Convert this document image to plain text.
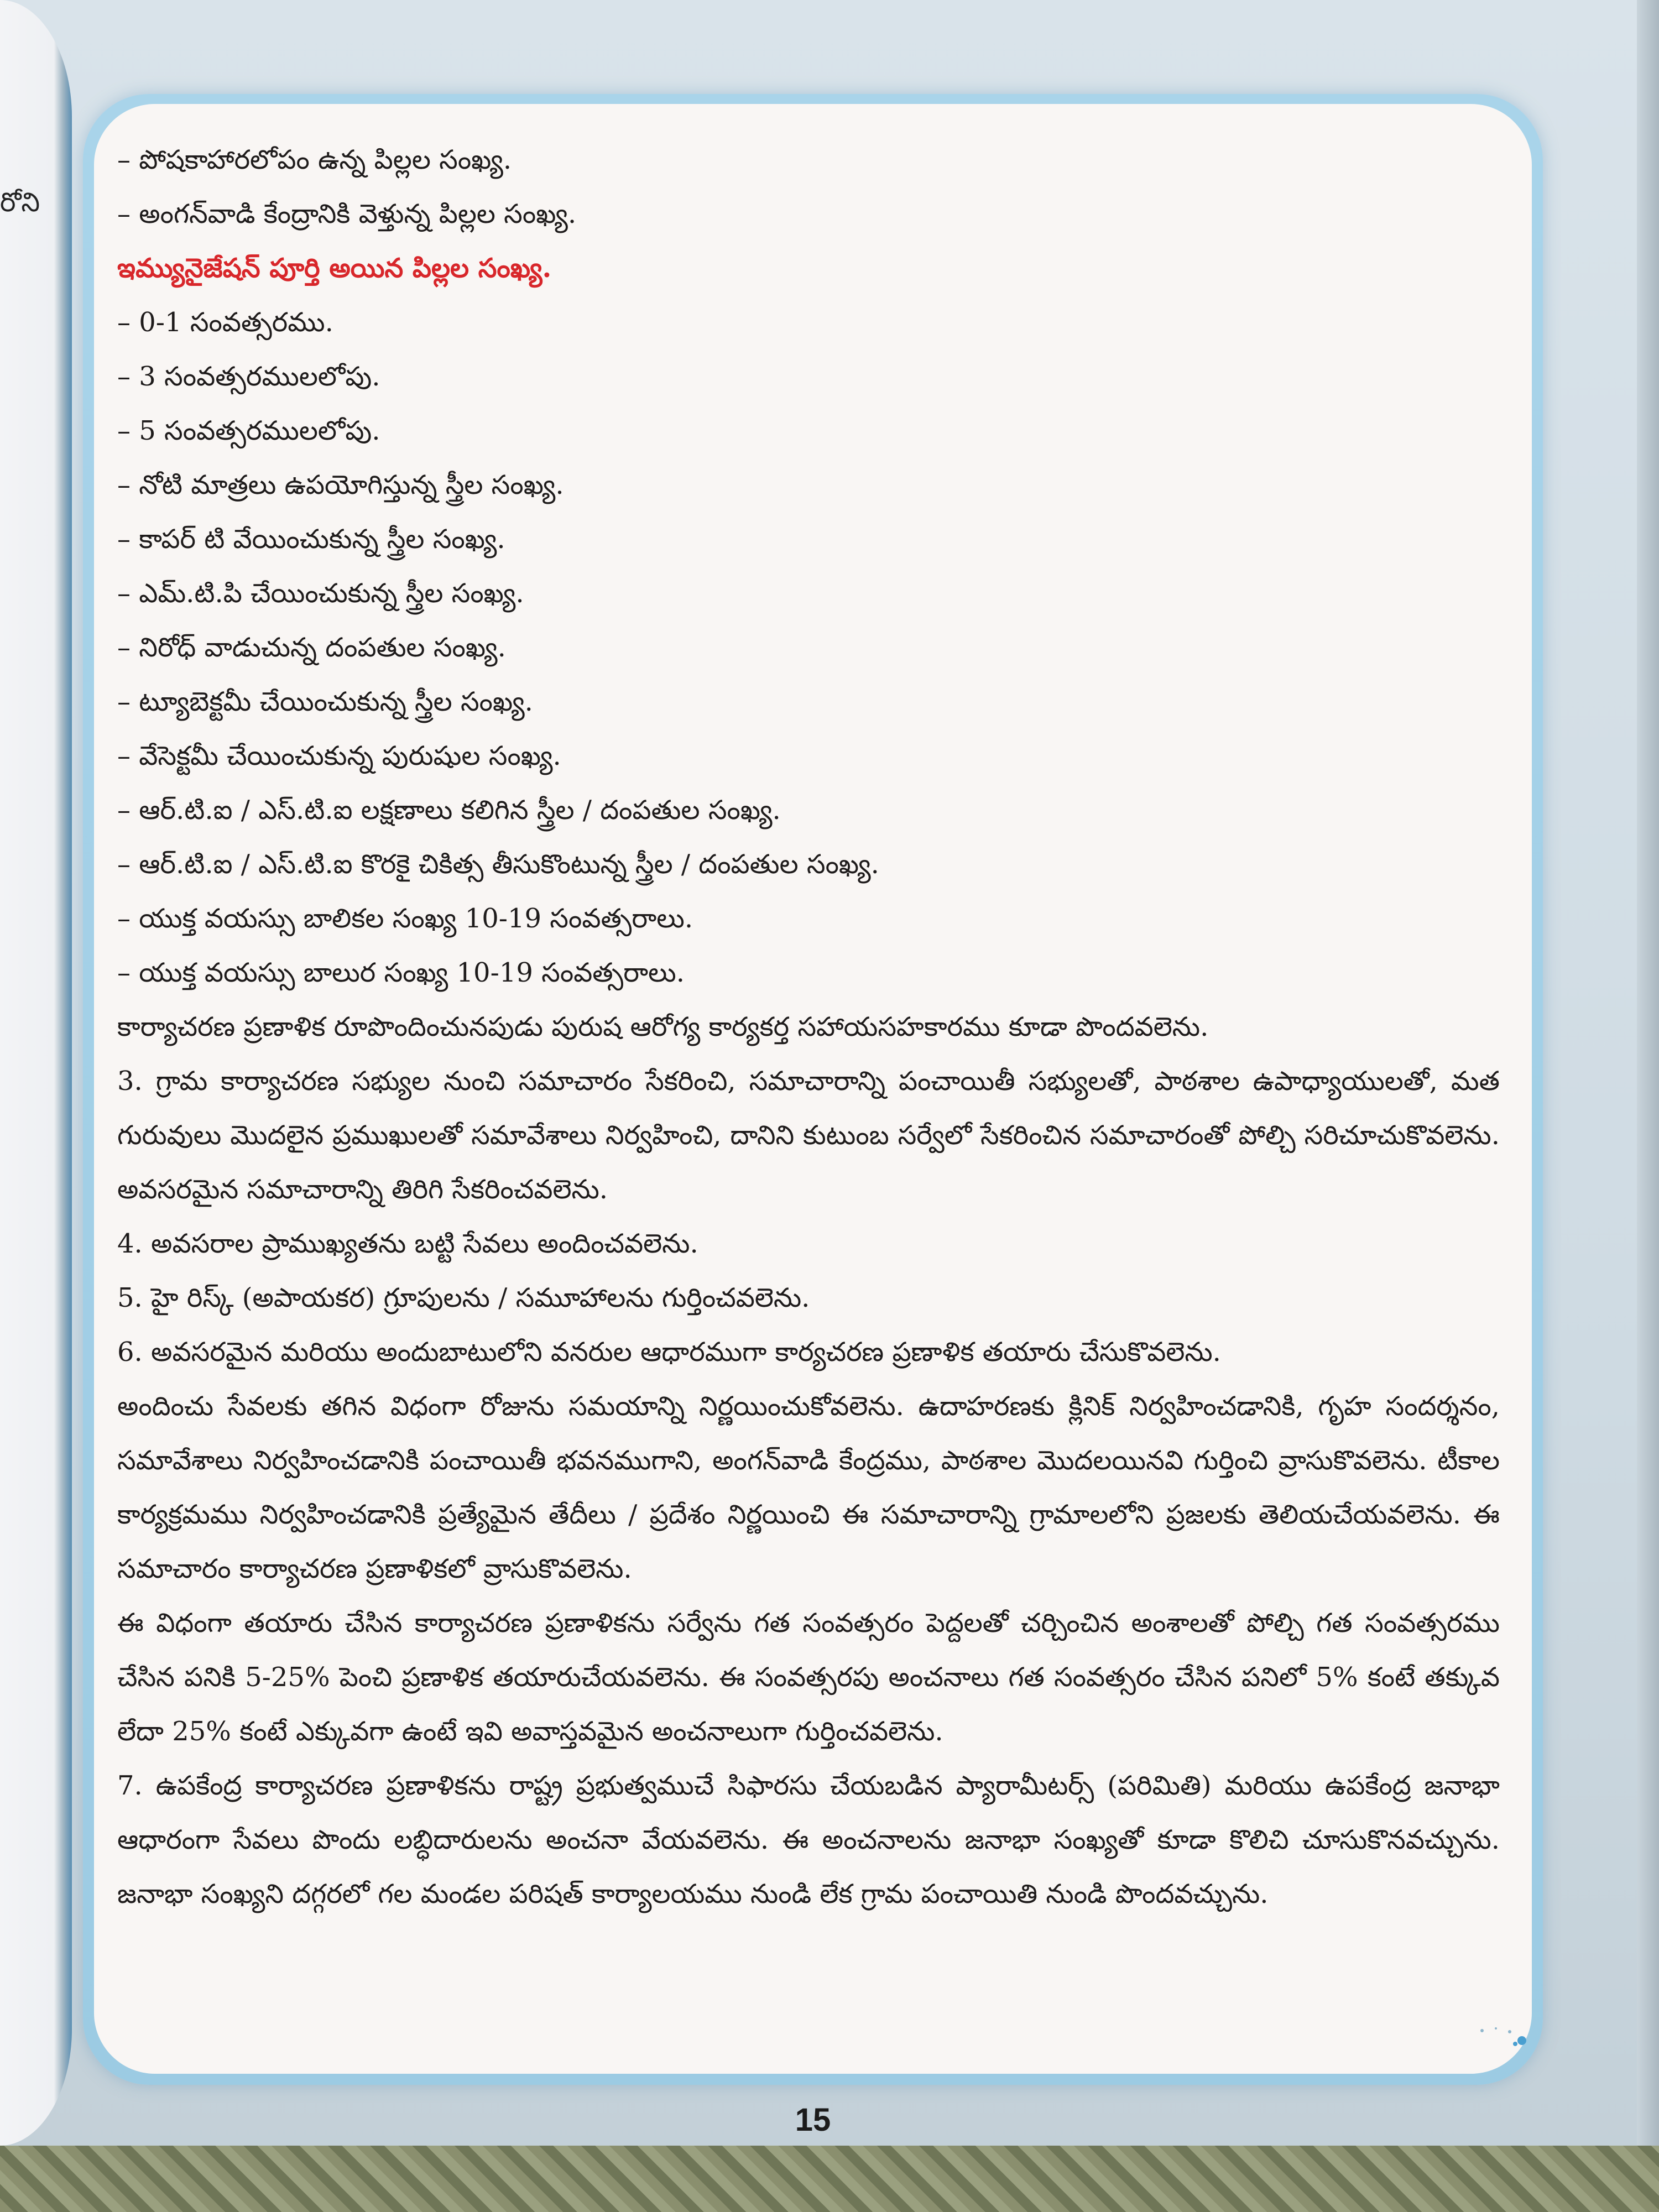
రోని

– పోషకాహారలోపం ఉన్న పిల్లల సంఖ్య.

– అంగన్‌వాడి కేంద్రానికి వెళ్తున్న పిల్లల సంఖ్య.

ఇమ్యునైజేషన్ పూర్తి అయిన పిల్లల సంఖ్య.

– 0-1 సంవత్సరము.

– 3 సంవత్సరములలోపు.

– 5 సంవత్సరములలోపు.

– నోటి మాత్రలు ఉపయోగిస్తున్న స్త్రీల సంఖ్య.

– కాపర్ టి వేయించుకున్న స్త్రీల సంఖ్య.

– ఎమ్.టి.పి చేయించుకున్న స్త్రీల సంఖ్య.

– నిరోధ్ వాడుచున్న దంపతుల సంఖ్య.

– ట్యూబెక్టమీ చేయించుకున్న స్త్రీల సంఖ్య.

– వేసెక్టమీ చేయించుకున్న పురుషుల సంఖ్య.

– ఆర్.టి.ఐ / ఎస్.టి.ఐ లక్షణాలు కలిగిన స్త్రీల / దంపతుల సంఖ్య.

– ఆర్.టి.ఐ / ఎస్.టి.ఐ కొరకై చికిత్స తీసుకొంటున్న స్త్రీల / దంపతుల సంఖ్య.

– యుక్త వయస్సు బాలికల సంఖ్య 10-19 సంవత్సరాలు.

– యుక్త వయస్సు బాలుర సంఖ్య 10-19 సంవత్సరాలు.

కార్యాచరణ ప్రణాళిక రూపొందించునపుడు పురుష ఆరోగ్య కార్యకర్త సహాయసహకారము కూడా పొందవలెను.

3. గ్రామ కార్యాచరణ సభ్యుల నుంచి సమాచారం సేకరించి, సమాచారాన్ని పంచాయితీ సభ్యులతో, పాఠశాల ఉపాధ్యాయులతో, మత గురువులు మొదలైన ప్రముఖులతో సమావేశాలు నిర్వహించి, దానిని కుటుంబ సర్వేలో సేకరించిన సమాచారంతో పోల్చి సరిచూచుకొవలెను. అవసరమైన సమాచారాన్ని తిరిగి సేకరించవలెను.

4. అవసరాల ప్రాముఖ్యతను బట్టి సేవలు అందించవలెను.

5. హై రిస్క్ (అపాయకర) గ్రూపులను / సమూహాలను గుర్తించవలెను.

6. అవసరమైన మరియు అందుబాటులోని వనరుల ఆధారముగా కార్యచరణ ప్రణాళిక తయారు చేసుకొవలెను.

అందించు సేవలకు తగిన విధంగా రోజును సమయాన్ని నిర్ణయించుకోవలెను. ఉదాహరణకు క్లినిక్ నిర్వహించడానికి, గృహ సందర్శనం, సమావేశాలు నిర్వహించడానికి పంచాయితీ భవనముగాని, అంగన్‌వాడి కేంద్రము, పాఠశాల మొదలయినవి గుర్తించి వ్రాసుకొవలెను. టీకాల కార్యక్రమము నిర్వహించడానికి ప్రత్యేమైన తేదీలు / ప్రదేశం నిర్ణయించి ఈ సమాచారాన్ని గ్రామాలలోని ప్రజలకు తెలియచేయవలెను. ఈ సమాచారం కార్యాచరణ ప్రణాళికలో వ్రాసుకొవలెను.

ఈ విధంగా తయారు చేసిన కార్యాచరణ ప్రణాళికను సర్వేను గత సంవత్సరం పెద్దలతో చర్చించిన అంశాలతో పోల్చి గత సంవత్సరము చేసిన పనికి 5-25% పెంచి ప్రణాళిక తయారుచేయవలెను. ఈ సంవత్సరపు అంచనాలు గత సంవత్సరం చేసిన పనిలో 5% కంటే తక్కువ లేదా 25% కంటే ఎక్కువగా ఉంటే ఇవి అవాస్తవమైన అంచనాలుగా గుర్తించవలెను.

7. ఉపకేంద్ర కార్యాచరణ ప్రణాళికను రాష్ట్ర ప్రభుత్వముచే సిఫారసు చేయబడిన ప్యారామీటర్స్ (పరిమితి) మరియు ఉపకేంద్ర జనాభా ఆధారంగా సేవలు పొందు లబ్ధిదారులను అంచనా వేయవలెను. ఈ అంచనాలను జనాభా సంఖ్యతో కూడా కొలిచి చూసుకొనవచ్చును. జనాభా సంఖ్యని దగ్గరలో గల మండల పరిషత్ కార్యాలయము నుండి లేక గ్రామ పంచాయితి నుండి పొందవచ్చును.

15
